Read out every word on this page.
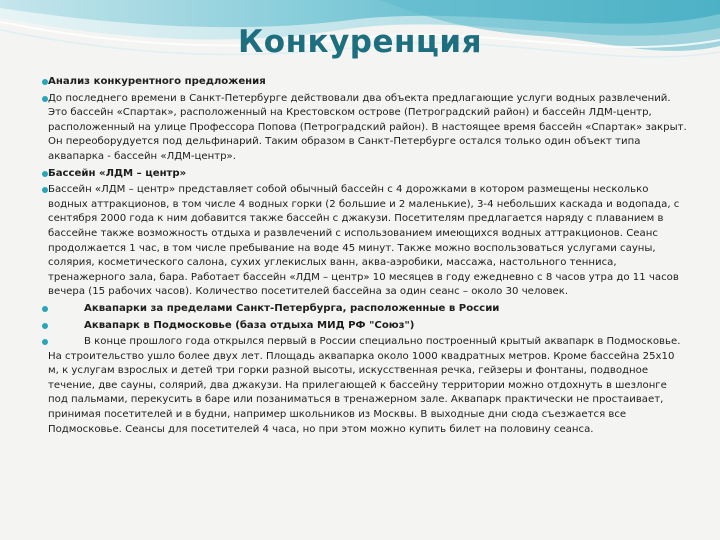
Конкуренция
Анализ конкурентного предложения
До последнего времени в Санкт-Петербурге действовали два объекта предлагающие услуги водных развлечений. Это бассейн «Спартак», расположенный на Крестовском острове (Петроградский район) и бассейн ЛДМ-центр, расположенный на улице Профессора Попова (Петроградский район). В настоящее время бассейн «Спартак» закрыт. Он переоборудуется под дельфинарий. Таким образом в Санкт-Петербурге остался только один объект типа аквапарка - бассейн «ЛДМ-центр».
Бассейн «ЛДМ – центр»
Бассейн «ЛДМ – центр» представляет собой обычный бассейн с 4 дорожками в котором размещены несколько водных аттракционов, в том числе 4 водных горки (2 большие и 2 маленькие), 3-4 небольших каскада и водопада, с сентября 2000 года к ним добавится также бассейн с джакузи. Посетителям предлагается наряду с плаванием в бассейне также возможность отдыха и развлечений с использованием имеющихся водных аттракционов. Сеанс продолжается 1 час, в том числе пребывание на воде 45 минут. Также можно воспользоваться услугами сауны, солярия, косметического салона, сухих углекислых ванн, аква-аэробики, массажа, настольного тенниса, тренажерного зала, бара. Работает бассейн «ЛДМ – центр» 10 месяцев в году ежедневно с 8 часов утра до 11 часов вечера (15 рабочих часов). Количество посетителей бассейна за один сеанс – около 30 человек.
Аквапарки за пределами Санкт-Петербурга, расположенные в России
Аквапарк в Подмосковье (база отдыха МИД РФ "Союз")
В конце прошлого года открылся первый в России специально построенный крытый аквапарк в Подмосковье. На строительство ушло более двух лет. Площадь аквапарка около 1000 квадратных метров. Кроме бассейна 25х10 м, к услугам взрослых и детей три горки разной высоты, искусственная речка, гейзеры и фонтаны, подводное течение, две сауны, солярий, два джакузи. На прилегающей к бассейну территории можно отдохнуть в шезлонге под пальмами, перекусить в баре или позаниматься в тренажерном зале. Аквапарк практически не простаивает, принимая посетителей и в будни, например школьников из Москвы. В выходные дни сюда съезжается все Подмосковье. Сеансы для посетителей 4 часа, но при этом можно купить билет на половину сеанса.
